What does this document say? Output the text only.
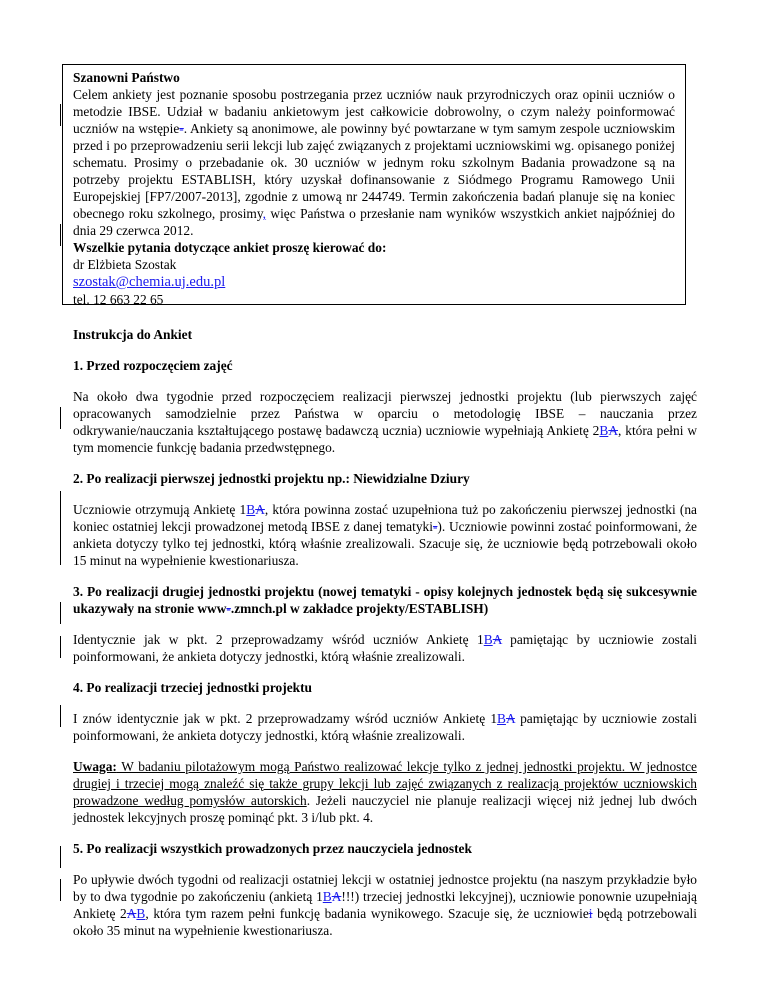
Szanowni Państwo

Celem ankiety jest poznanie sposobu postrzegania przez uczniów nauk przyrodniczych oraz opinii uczniów o metodzie IBSE. Udział w badaniu ankietowym jest całkowicie dobrowolny, o czym należy poinformować uczniów na wstępie-. Ankiety są anonimowe, ale powinny być powtarzane w tym samym zespole uczniowskim przed i po przeprowadzeniu serii lekcji lub zajęć związanych z projektami uczniowskimi wg. opisanego poniżej schematu. Prosimy o przebadanie ok. 30 uczniów w jednym roku szkolnym Badania prowadzone są na potrzeby projektu ESTABLISH, który uzyskał dofinansowanie z Siódmego Programu Ramowego Unii Europejskiej [FP7/2007-2013], zgodnie z umową nr 244749. Termin zakończenia badań planuje się na koniec obecnego roku szkolnego, prosimy, więc Państwa o przesłanie nam wyników wszystkich ankiet najpóźniej do dnia 29 czerwca 2012.

Wszelkie pytania dotyczące ankiet proszę kierować do:

dr Elżbieta Szostak

szostak@chemia.uj.edu.pl

tel. 12 663 22 65

Instrukcja do Ankiet
1. Przed rozpoczęciem zajęć

Na około dwa tygodnie przed rozpoczęciem realizacji pierwszej jednostki projektu (lub pierwszych zajęć opracowanych samodzielnie przez Państwa w oparciu o metodologię IBSE – nauczania przez odkrywanie/nauczania kształtującego postawę badawczą ucznia) uczniowie wypełniają Ankietę 2BA, która pełni w tym momencie funkcję badania przedwstępnego.

2. Po realizacji pierwszej jednostki projektu np.: Niewidzialne Dziury

Uczniowie otrzymują Ankietę 1BA, która powinna zostać uzupełniona tuż po zakończeniu pierwszej jednostki (na koniec ostatniej lekcji prowadzonej metodą IBSE z danej tematyki-). Uczniowie powinni zostać poinformowani, że ankieta dotyczy tylko tej jednostki, którą właśnie zrealizowali. Szacuje się, że uczniowie będą potrzebowali około 15 minut na wypełnienie kwestionariusza.

3. Po realizacji drugiej jednostki projektu (nowej tematyki - opisy kolejnych jednostek będą się sukcesywnie ukazywały na stronie www-.zmnch.pl w zakładce projekty/ESTABLISH)

Identycznie jak w pkt. 2 przeprowadzamy wśród uczniów Ankietę 1BA pamiętając by uczniowie zostali poinformowani, że ankieta dotyczy jednostki, którą właśnie zrealizowali.

4. Po realizacji trzeciej jednostki projektu

I znów identycznie jak w pkt. 2 przeprowadzamy wśród uczniów Ankietę 1BA pamiętając by uczniowie zostali poinformowani, że ankieta dotyczy jednostki, którą właśnie zrealizowali.

Uwaga: W badaniu pilotażowym mogą Państwo realizować lekcje tylko z jednej jednostki projektu. W jednostce drugiej i trzeciej mogą znaleźć się także grupy lekcji lub zajęć związanych z realizacją projektów uczniowskich prowadzone według pomysłów autorskich. Jeżeli nauczyciel nie planuje realizacji więcej niż jednej lub dwóch jednostek lekcyjnych proszę pominąć pkt. 3 i/lub pkt. 4.

5. Po realizacji wszystkich prowadzonych przez nauczyciela jednostek

Po upływie dwóch tygodni od realizacji ostatniej lekcji w ostatniej jednostce projektu (na naszym przykładzie było by to dwa tygodnie po zakończeniu (ankietą 1BA!!!) trzeciej jednostki lekcyjnej), uczniowie ponownie uzupełniają Ankietę 2AB, która tym razem pełni funkcję badania wynikowego. Szacuje się, że uczniowiei będą potrzebowali około 35 minut na wypełnienie kwestionariusza.
